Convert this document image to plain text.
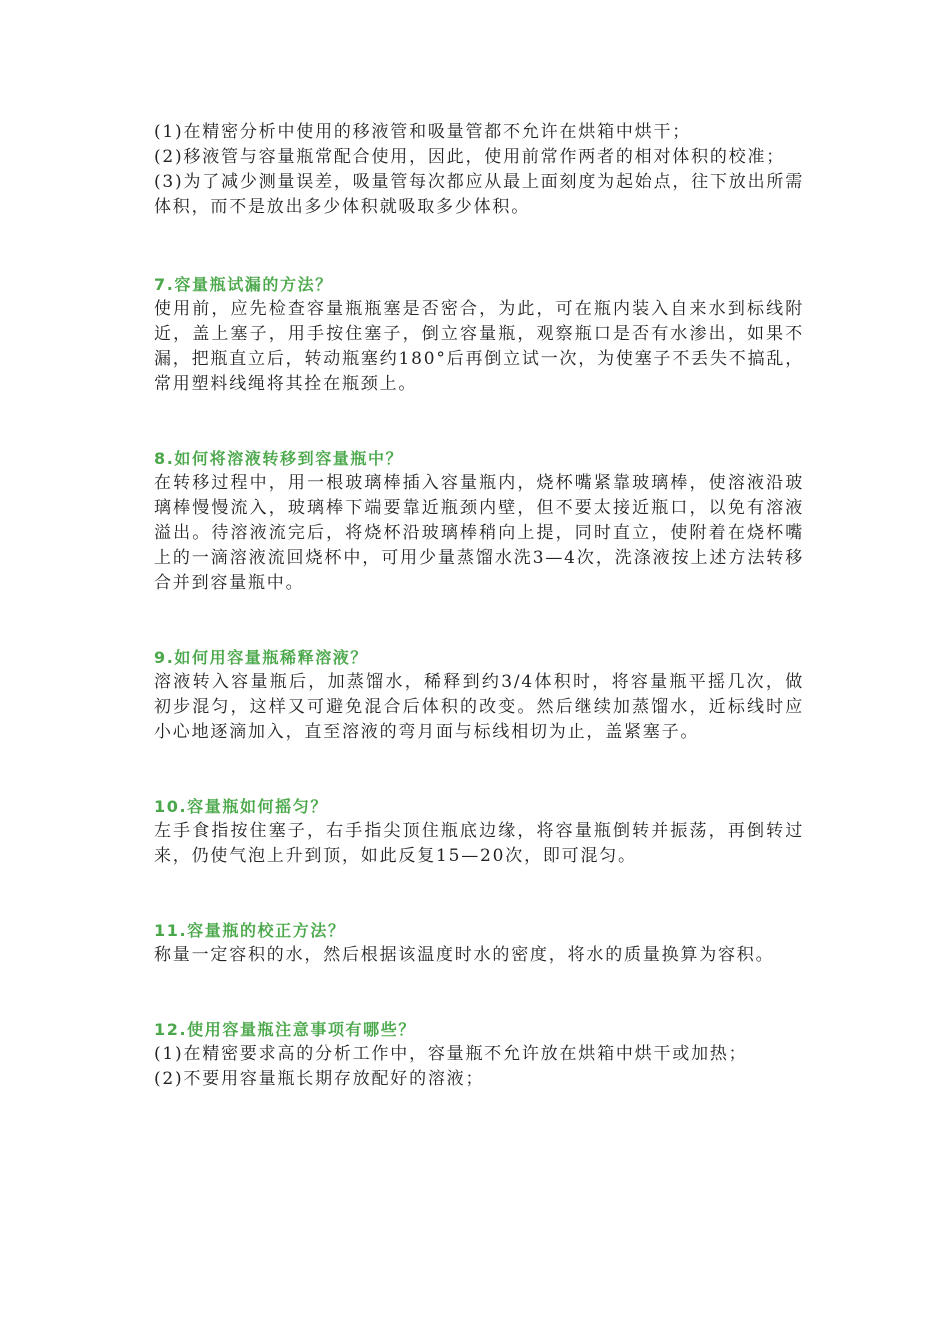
(1)在精密分析中使用的移液管和吸量管都不允许在烘箱中烘干；

(2)移液管与容量瓶常配合使用，因此，使用前常作两者的相对体积的校准；

(3)为了减少测量误差，吸量管每次都应从最上面刻度为起始点，往下放出所需体积，而不是放出多少体积就吸取多少体积。

7.容量瓶试漏的方法？

使用前，应先检查容量瓶瓶塞是否密合，为此，可在瓶内装入自来水到标线附近，盖上塞子，用手按住塞子，倒立容量瓶，观察瓶口是否有水渗出，如果不漏，把瓶直立后，转动瓶塞约180°后再倒立试一次，为使塞子不丢失不搞乱，常用塑料线绳将其拴在瓶颈上。

8.如何将溶液转移到容量瓶中？

在转移过程中，用一根玻璃棒插入容量瓶内，烧杯嘴紧靠玻璃棒，使溶液沿玻璃棒慢慢流入，玻璃棒下端要靠近瓶颈内壁，但不要太接近瓶口，以免有溶液溢出。待溶液流完后，将烧杯沿玻璃棒稍向上提，同时直立，使附着在烧杯嘴上的一滴溶液流回烧杯中，可用少量蒸馏水洗3—4次，洗涤液按上述方法转移合并到容量瓶中。

9.如何用容量瓶稀释溶液？

溶液转入容量瓶后，加蒸馏水，稀释到约3/4体积时，将容量瓶平摇几次，做初步混匀，这样又可避免混合后体积的改变。然后继续加蒸馏水，近标线时应小心地逐滴加入，直至溶液的弯月面与标线相切为止，盖紧塞子。

10.容量瓶如何摇匀？

左手食指按住塞子，右手指尖顶住瓶底边缘，将容量瓶倒转并振荡，再倒转过来，仍使气泡上升到顶，如此反复15—20次，即可混匀。

11.容量瓶的校正方法？

称量一定容积的水，然后根据该温度时水的密度，将水的质量换算为容积。

12.使用容量瓶注意事项有哪些？

(1)在精密要求高的分析工作中，容量瓶不允许放在烘箱中烘干或加热；

(2)不要用容量瓶长期存放配好的溶液；
